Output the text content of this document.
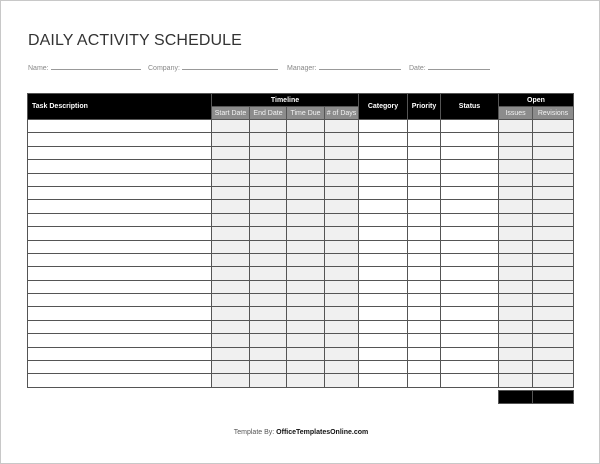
DAILY ACTIVITY SCHEDULE
Name:	Company:	Manager:	Date:
Task Description	Timeline				Category	Priority	Status	Open	
	Start Date	End Date	Time Due	# of Days				Issues	Revisions

Template By: OfficeTemplatesOnline.com
